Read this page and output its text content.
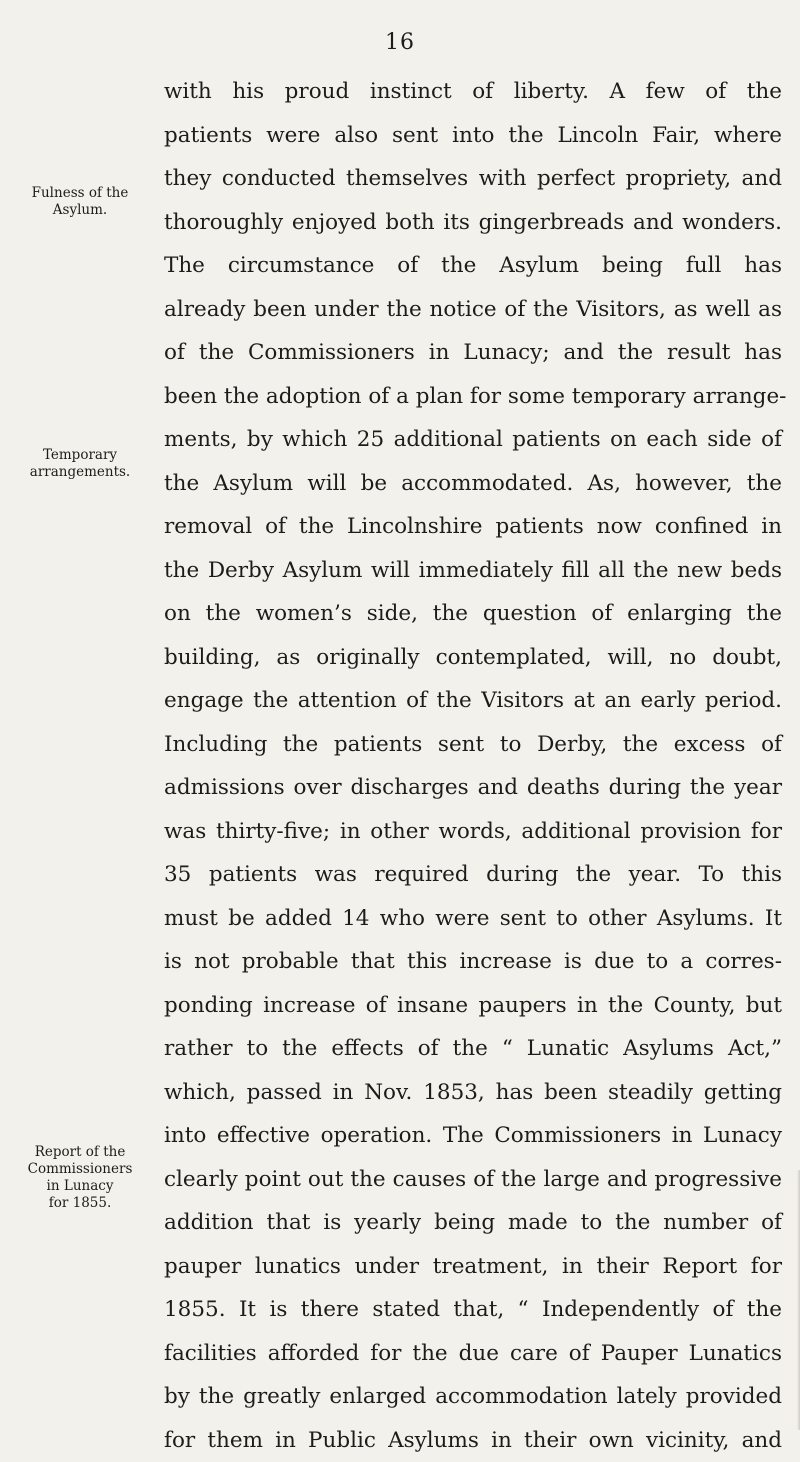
16
Fulness of the
Asylum.
Temporary
arrangements.
Report of the
Commissioners
in Lunacy
for 1855.
with his proud instinct of liberty. A few of the
patients were also sent into the Lincoln Fair, where
they conducted themselves with perfect propriety, and
thoroughly enjoyed both its gingerbreads and wonders.
The circumstance of the Asylum being full has
already been under the notice of the Visitors, as well as
of the Commissioners in Lunacy; and the result has
been the adoption of a plan for some temporary arrange-
ments, by which 25 additional patients on each side of
the Asylum will be accommodated. As, however, the
removal of the Lincolnshire patients now confined in
the Derby Asylum will immediately fill all the new beds
on the women’s side, the question of enlarging the
building, as originally contemplated, will, no doubt,
engage the attention of the Visitors at an early period.
Including the patients sent to Derby, the excess of
admissions over discharges and deaths during the year
was thirty-five; in other words, additional provision for
35 patients was required during the year. To this
must be added 14 who were sent to other Asylums. It
is not probable that this increase is due to a corres-
ponding increase of insane paupers in the County, but
rather to the effects of the “ Lunatic Asylums Act,”
which, passed in Nov. 1853, has been steadily getting
into effective operation. The Commissioners in Lunacy
clearly point out the causes of the large and progressive
addition that is yearly being made to the number of
pauper lunatics under treatment, in their Report for
1855. It is there stated that, “ Independently of the
facilities afforded for the due care of Pauper Lunatics
by the greatly enlarged accommodation lately provided
for them in Public Asylums in their own vicinity, and
